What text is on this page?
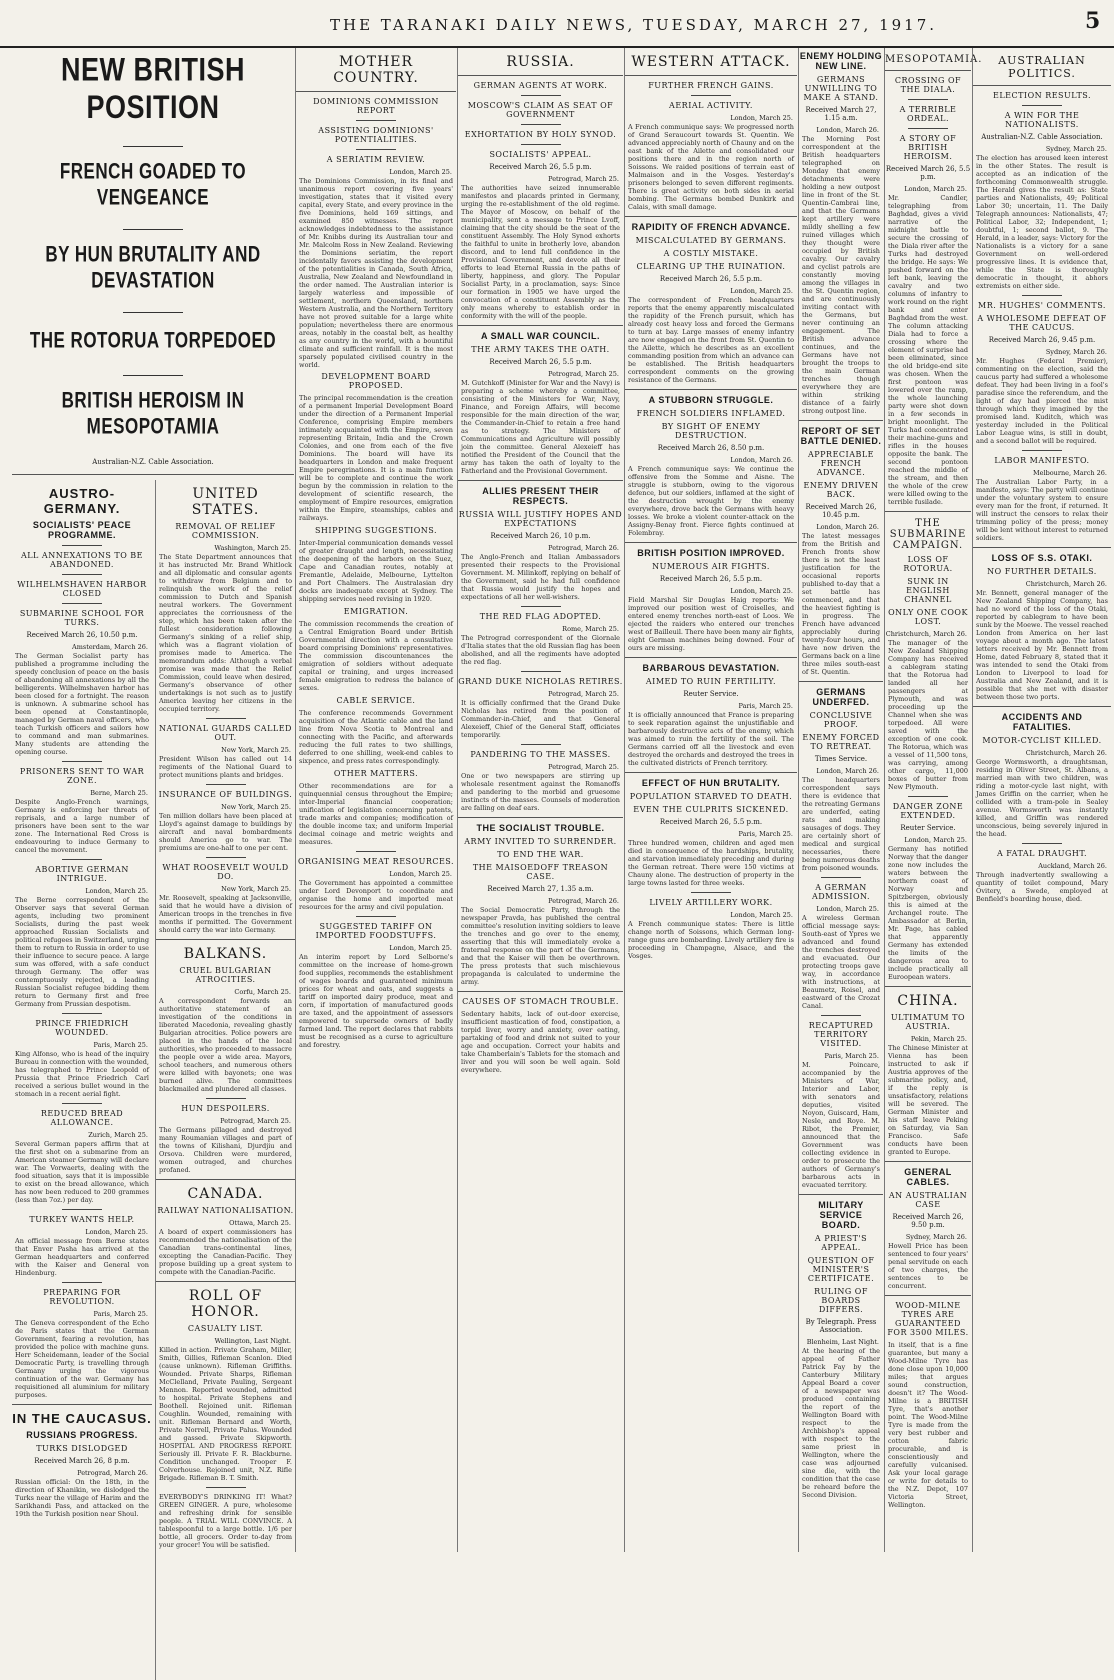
THE TARANAKI DAILY NEWS, TUESDAY, MARCH 27, 1917.	5
NEW BRITISH POSITION
FRENCH GOADED TO VENGEANCE
BY HUN BRUTALITY AND DEVASTATION
THE ROTORUA TORPEDOED
BRITISH HEROISM IN MESOPOTAMIA
Australian-N.Z. Cable Association.
AUSTRO-GERMANY.
SOCIALISTS' PEACE PROGRAMME.
ALL ANNEXATIONS TO BE ABANDONED.
WILHELMSHAVEN HARBOR CLOSED
SUBMARINE SCHOOL FOR TURKS.
Received March 26, 10.50 p.m.
Amsterdam, March 26.
The German Socialist party has published a programme including the speedy conclusion of peace on the basis of abandoning all annexations by all the belligerents. Wilhelmshaven harbor has been closed for a fortnight. The reason is unknown. A submarine school has been opened at Constantinople, managed by German naval officers, who teach Turkish officers and sailors how to command and man submarines. Many students are attending the opening course.
PRISONERS SENT TO WAR ZONE.
Berne, March 25.
Despite Anglo-French warnings, Germany is enforcing her threats of reprisals, and a large number of prisoners have been sent to the war zone. The International Red Cross is endeavouring to induce Germany to cancel the movement.
ABORTIVE GERMAN INTRIGUE.
London, March 25.
The Berne correspondent of the Observer says that several German agents, including two prominent Socialists, during the past week approached Russian Socialists and political refugees in Switzerland, urging them to return to Russia in order to use their influence to secure peace. A large sum was offered, with a safe conduct through Germany. The offer was contemptuously rejected, a leading Russian Socialist refugee bidding them return to Germany first and free Germany from Prussian despotism.
PRINCE FRIEDRICH WOUNDED.
Paris, March 25.
King Alfonso, who is head of the inquiry Bureau in connection with the wounded, has telegraphed to Prince Leopold of Prussia that Prince Friedrich Carl received a serious bullet wound in the stomach in a recent aerial fight.
REDUCED BREAD ALLOWANCE.
Zurich, March 25.
Several German papers affirm that at the first shot on a submarine from an American steamer Germany will declare war. The Vorwaerts, dealing with the food situation, says that it is impossible to exist on the bread allowance, which has now been reduced to 200 grammes (less than 7oz.) per day.
TURKEY WANTS HELP.
London, March 25.
An official message from Berne states that Enver Pasha has arrived at the German headquarters and conferred with the Kaiser and General von Hindenburg.
PREPARING FOR REVOLUTION.
Paris, March 25.
The Geneva correspondent of the Echo de Paris states that the German Government, fearing a revolution, has provided the police with machine guns. Herr Scheidemann, leader of the Social Democratic Party, is travelling through Germany urging the vigorous continuation of the war. Germany has requisitioned all aluminium for military purposes.
IN THE CAUCASUS.
RUSSIANS PROGRESS.
TURKS DISLODGED
Received March 26, 8 p.m.
Petrograd, March 26.
Russian official: On the 18th, in the direction of Khanikin, we dislodged the Turks near the village of Harim and the Sarikhandi Pass, and attacked on the 19th the Turkish position near Shoul.
UNITED STATES.
REMOVAL OF RELIEF COMMISSION.
Washington, March 25.
The State Department announces that it has instructed Mr. Brand Whitlock and all diplomatic and consular agents to withdraw from Belgium and to relinquish the work of the relief commission to Dutch and Spanish neutral workers. The Government appreciates the corriousness of the step, which has been taken after the fullest consideration following Germany's sinking of a relief ship, which was a flagrant violation of promises made to America. The memorandum adds: Although a verbal promise was made that the Relief Commission, could leave when desired, Germany's observance of other undertakings is not such as to justify America leaving her citizens in the occupied territory.
NATIONAL GUARDS CALLED OUT.
New York, March 25.
President Wilson has called out 14 regiments of the National Guard to protect munitions plants and bridges.
INSURANCE OF BUILDINGS.
New York, March 25.
Ten million dollars have been placed at Lloyd's against damage to buildings by aircraft and naval bombardments should America go to war. The premiums are one-half to one per cent.
WHAT ROOSEVELT WOULD DO.
New York, March 25.
Mr. Roosevelt, speaking at Jacksonville, said that he would have a division of American troops in the trenches in five months if permitted. The Government should carry the war into Germany.
BALKANS.
CRUEL BULGARIAN ATROCITIES.
Corfu, March 25.
A correspondent forwards an authoritative statement of an investigation of the conditions in liberated Macedonia, revealing ghastly Bulgarian atrocities. Police powers are placed in the hands of the local authorities, who proceeded to massacre the people over a wide area. Mayors, school teachers, and numerous others were killed with bayonets; one was burned alive. The committees blackmailed and plundered all classes.
HUN DESPOILERS.
Petrograd, March 25.
The Germans pillaged and destroyed many Roumanian villages and part of the towns of Kilishani, Djurdjiu and Orsova. Children were murdered, women outraged, and churches profaned.
CANADA.
RAILWAY NATIONALISATION.
Ottawa, March 25.
A board of expert commissioners has recommended the nationalisation of the Canadian trans-continental lines, excepting the Canadian-Pacific. They propose building up a great system to compete with the Canadian-Pacific.
ROLL OF HONOR.
CASUALTY LIST.
Wellington, Last Night.
Killed in action. Private Graham, Miller, Smith, Gillies, Rifleman Scanlon. Died (cause unknown). Rifleman Griffiths. Wounded. Private Sharps, Rifleman McClelland, Private Pauling, Sergeant Mennon. Reported wounded, admitted to hospital. Private Stephens and Boothell. Rejoined unit. Rifleman Coughlin. Wounded, remaining with unit. Rifleman Bernard and Worth, Private Norrell, Private Palus. Wounded and gassed. Private Skipworth. HOSPITAL AND PROGRESS REPORT. Seriously ill. Private F. R. Blackburne. Condition unchanged. Trooper F. Colverhouse. Rejoined unit, N.Z. Rifle Brigade. Rifleman B. T. Smith.
EVERYBODY'S DRINKING IT! What? GREEN GINGER. A pure, wholesome and refreshing drink for sensible people. A TRIAL WILL CONVINCE. A tablespoonful to a large bottle. 1/6 per bottle, all grocers. Order to-day from your grocer! You will be satisfied.
MOTHER COUNTRY.
DOMINIONS COMMISSION REPORT
ASSISTING DOMINIONS' POTENTIALITIES.
A SERIATIM REVIEW.
London, March 25.
The Dominions Commission, in its final and unanimous report covering five years' investigation, states that it visited every capital, every State, and every province in the five Dominions, held 169 sittings, and examined 850 witnesses. The report acknowledges indebtedness to the assistance of Mr. Knibbs during its Australian tour and Mr. Malcolm Ross in New Zealand. Reviewing the Dominions seriatim, the report incidentally favors assisting the development of the potentialities in Canada, South Africa, Australia, New Zealand and Newfoundland in the order named. The Australian interior is largely waterless and impossible of settlement, northern Queensland, northern Western Australia, and the Northern Territory have not proved suitable for a large white population; nevertheless there are enormous areas, notably in the coastal belt, as healthy as any country in the world, with a bountiful climate and sufficient rainfall. It is the most sparsely populated civilised country in the world.
DEVELOPMENT BOARD PROPOSED.
The principal recommendation is the creation of a permanent Imperial Development Board under the direction of a Permanent Imperial Conference, comprising Empire members intimately acquainted with the Empire, seven representing Britain, India and the Crown Colonies, and one from each of the five Dominions. The board will have its headquarters in London and make frequent Empire peregrinations. It is a main function will be to complete and continue the work begun by the commission in relation to the development of scientific research, the employment of Empire resources, emigration within the Empire, steamships, cables and railways.
SHIPPING SUGGESTIONS.
Inter-Imperial communication demands vessel of greater draught and length, necessitating the deepening of the harbors on the Suez, Cape and Canadian routes, notably at Fremantle, Adelaide, Melbourne, Lyttelton and Port Chalmers. The Australasian dry docks are inadequate except at Sydney. The shipping services need revising in 1920.
EMIGRATION.
The commission recommends the creation of a Central Emigration Board under British Governmental direction with a consultative board comprising Dominions' representatives. The commission discountenances the emigration of soldiers without adequate capital or training, and urges increased female emigration to redress the balance of sexes.
CABLE SERVICE.
The conference recommends Government acquisition of the Atlantic cable and the land line from Nova Scotia to Montreal and connecting with the Pacific, and afterwards reducing the full rates to two shillings, deferred to one shilling, week-end cables to sixpence, and press rates correspondingly.
OTHER MATTERS.
Other recommendations are for a quinquennial census throughout the Empire; inter-Imperial financial cooperation; unification of legislation concerning patents, trade marks and companies; modification of the double income tax; and uniform Imperial decimal coinage and metric weights and measures.
ORGANISING MEAT RESOURCES.
London, March 25.
The Government has appointed a committee under Lord Devonport to coordinate and organise the home and imported meat resources for the army and civil population.
SUGGESTED TARIFF ON IMPORTED FOODSTUFFS.
London, March 25.
An interim report by Lord Selborne's committee on the increase of home-grown food supplies, recommends the establishment of wages boards and guaranteed minimum prices for wheat and oats, and suggests a tariff on imported dairy produce, meat and corn, if importation of manufactured goods are taxed, and the appointment of assessors empowered to supersede owners of badly farmed land. The report declares that rabbits must be recognised as a curse to agriculture and forestry.
RUSSIA.
GERMAN AGENTS AT WORK.
MOSCOW'S CLAIM AS SEAT OF GOVERNMENT
EXHORTATION BY HOLY SYNOD.
SOCIALISTS' APPEAL.
Received March 26, 5.5 p.m.
Petrograd, March 25.
The authorities have seized innumerable manifestos and placards printed in Germany, urging the re-establishment of the old regime. The Mayor of Moscow, on behalf of the municipality, sent a message to Prince Lvoff, claiming that the city should be the seat of the constituent Assembly. The Holy Synod exhorts the faithful to unite in brotherly love, abandon discord, and to lend full confidence in the Provisional Government, and devote all their efforts to lead Eternal Russia in the paths of liberty, happiness, and glory. The Popular Socialist Party, in a proclamation, says: Since our formation in 1905 we have urged the convocation of a constituent Assembly as the only means whereby to establish order in conformity with the will of the people.
A SMALL WAR COUNCIL.
THE ARMY TAKES THE OATH.
Received March 26, 5.5 p.m.
Petrograd, March 25.
M. Gutchkoff (Minister for War and the Navy) is preparing a scheme whereby a committee, consisting of the Ministers for War, Navy, Finance, and Foreign Affairs, will become responsible for the main direction of the war, the Commander-in-Chief to retain a free hand as to strategy. The Ministers of Communications and Agriculture will possibly join the committee. General Alexeieff has notified the President of the Council that the army has taken the oath of loyalty to the Fatherland and the Provisional Government.
ALLIES PRESENT THEIR RESPECTS.
RUSSIA WILL JUSTIFY HOPES AND EXPECTATIONS
Received March 26, 10 p.m.
Petrograd, March 26.
The Anglo-French and Italian Ambassadors presented their respects to the Provisional Government. M. Milinkoff, replying on behalf of the Government, said he had full confidence that Russia would justify the hopes and expectations of all her well-wishers.
THE RED FLAG ADOPTED.
Rome, March 25.
The Petrograd correspondent of the Giornale d'Italia states that the old Russian flag has been abolished, and all the regiments have adopted the red flag.
GRAND DUKE NICHOLAS RETIRES.
Petrograd, March 25.
It is officially confirmed that the Grand Duke Nicholas has retired from the position of Commander-in-Chief, and that General Alexeieff, Chief of the General Staff, officiates temporarily.
PANDERING TO THE MASSES.
Petrograd, March 25.
One or two newspapers are stirring up wholesale resentment against the Romanoffs and pandering to the morbid and gruesome instincts of the masses. Counsels of moderation are falling on deaf ears.
THE SOCIALIST TROUBLE.
ARMY INVITED TO SURRENDER.
TO END THE WAR.
THE MAISOEDOFF TREASON CASE.
Received March 27, 1.35 a.m.
Petrograd, March 26.
The Social Democratic Party, through the newspaper Pravda, has published the central committee's resolution inviting soldiers to leave the trenches and go over to the enemy, asserting that this will immediately evoke a fraternal response on the part of the Germans, and that the Kaiser will then be overthrown. The press protests that such mischievous propaganda is calculated to undermine the army.
CAUSES OF STOMACH TROUBLE.
Sedentary habits, lack of out-door exercise, insufficient mastication of food, constipation, a torpid liver, worry and anxiety, over eating, partaking of food and drink not suited to your age and occupation. Correct your habits and take Chamberlain's Tablets for the stomach and liver and you will soon be well again. Sold everywhere.
WESTERN ATTACK.
FURTHER FRENCH GAINS.
AERIAL ACTIVITY.
London, March 25.
A French communique says: We progressed north of Grand Seraucourt towards St. Quentin. We advanced appreciably north of Chauny and on the east bank of the Ailette and consolidated our positions there and in the region north of Soissons. We raided positions of terrain east of Malmaison and in the Vosges. Yesterday's prisoners belonged to seven different regiments. There is great activity on both sides in aerial bombing. The Germans bombed Dunkirk and Calais, with small damage.
RAPIDITY OF FRENCH ADVANCE.
MISCALCULATED BY GERMANS.
A COSTLY MISTAKE.
CLEARING UP THE RUINATION.
Received March 26, 5.5 p.m.
London, March 25.
The correspondent of French headquarters reports that the enemy apparently miscalculated the rapidity of the French pursuit, which has already cost heavy loss and forced the Germans to turn at bay. Large masses of enemy infantry are now engaged on the front from St. Quentin to the Ailette, which he describes as an excellent commanding position from which an advance can be established. The British headquarters correspondent comments on the growing resistance of the Germans.
A STUBBORN STRUGGLE.
FRENCH SOLDIERS INFLAMED.
BY SIGHT OF ENEMY DESTRUCTION.
Received March 26, 8.50 p.m.
London, March 26.
A French communique says: We continue the offensive from the Somme and Aisne. The struggle is stubborn, owing to the vigorous defence, but our soldiers, inflamed at the sight of the destruction wrought by the enemy everywhere, drove back the Germans with heavy losses. We broke a violent counter-attack on the Assigny-Benay front. Fierce fights continued at Folembray.
BRITISH POSITION IMPROVED.
NUMEROUS AIR FIGHTS.
Received March 26, 5.5 p.m.
London, March 25.
Field Marshal Sir Douglas Haig reports: We improved our position west of Croiselles, and entered enemy trenches north-east of Loos. We ejected the raiders who entered our trenches west of Bailleuil. There have been many air fights, eight German machines being downed. Four of ours are missing.
BARBAROUS DEVASTATION.
AIMED TO RUIN FERTILITY.
Reuter Service.
Paris, March 25.
It is officially announced that France is preparing to seek reparation against the unjustifiable and barbarously destructive acts of the enemy, which was aimed to ruin the fertility of the soil. The Germans carried off all the livestock and even destroyed the orchards and destroyed the trees in the cultivated districts of French territory.
EFFECT OF HUN BRUTALITY.
POPULATION STARVED TO DEATH.
EVEN THE CULPRITS SICKENED.
Received March 26, 5.5 p.m.
Paris, March 25.
Three hundred women, children and aged men died in consequence of the hardships, brutality, and starvation immediately preceding and during the German retreat. There were 150 victims at Chauny alone. The destruction of property in the large towns lasted for three weeks.
LIVELY ARTILLERY WORK.
London, March 25.
A French communique states: There is little change north of Soissons, which German long-range guns are bombarding. Lively artillery fire is proceeding in Champagne, Alsace, and the Vosges.
ENEMY HOLDING NEW LINE.
GERMANS UNWILLING TO MAKE A STAND.
Received March 27, 1.15 a.m.
London, March 26.
The Morning Post correspondent at the British headquarters telegraphed on Monday that enemy detachments were holding a new outpost line in front of the St. Quentin-Cambrai line, and that the Germans kept artillery were mildly shelling a few ruined villages which they thought were occupied by British cavalry. Our cavalry and cyclist patrols are constantly moving among the villages in the St. Quentin region, and are continuously inviting contact with the Germans, but never continuing an engagement. The British advance continues, and the Germans have not brought the troops to the main German trenches though everywhere they are within striking distance of a fairly strong outpost line.
REPORT OF SET BATTLE DENIED.
APPRECIABLE FRENCH ADVANCE.
ENEMY DRIVEN BACK.
Received March 26, 10.45 p.m.
London, March 26.
The latest messages from the British and French fronts show there is not the least justification for the occasional reports published to-day that a set battle has commenced, and that the heaviest fighting is in progress. The French have advanced appreciably during twenty-four hours, and have now driven the Germans back on a line three miles south-east of St. Quentin.
GERMANS UNDERFED.
CONCLUSIVE PROOF.
ENEMY FORCED TO RETREAT.
Times Service.
London, March 26.
The headquarters correspondent says there is evidence that the retreating Germans are underfed, eating rats and making sausages of dogs. They are certainly short of medical and surgical necessaries, there being numerous deaths from poisoned wounds.
A GERMAN ADMISSION.
London, March 25.
A wireless German official message says: South-east of Ypres we advanced and found the trenches destroyed and evacuated. Our protecting troops gave way, in accordance with instructions, at Beaumetz, Roisel, and eastward of the Crozat Canal.
RECAPTURED TERRITORY VISITED.
Paris, March 25.
M. Poincare, accompanied by the Ministers of War, Interior and Labor, with senators and deputies, visited Noyon, Guiscard, Ham, Nesle, and Roye. M. Ribot, the Premier, announced that the Government was collecting evidence in order to prosecute the authors of Germany's barbarous acts in evacuated territory.
MILITARY SERVICE BOARD.
A PRIEST'S APPEAL.
QUESTION OF MINISTER'S CERTIFICATE.
RULING OF BOARDS DIFFERS.
By Telegraph. Press Association.
Blenheim, Last Night.
At the hearing of the appeal of Father Patrick Fay by the Canterbury Military Appeal Board a cover of a newspaper was produced containing the report of the Wellington Board with respect to the Archbishop's appeal with respect to the same priest in Wellington, where the case was adjourned sine die, with the condition that the case be reheard before the Second Division.
MESOPOTAMIA.
CROSSING OF THE DIALA.
A TERRIBLE ORDEAL.
A STORY OF BRITISH HEROISM.
Received March 26, 5.5 p.m.
London, March 25.
Mr. Candler, telegraphing from Baghdad, gives a vivid narrative of the midnight battle to secure the crossing of the Diala river after the Turks had destroyed the bridge. He says: We pushed forward on the left bank, leaving the cavalry and two columns of infantry to work round on the right bank and enter Baghdad from the west. The column attacking Diala had to force a crossing where the element of surprise had been eliminated, since the old bridge-end site was chosen. When the first pontoon was lowered over the ramp, the whole launching party were shot down in a few seconds in bright moonlight. The Turks had concentrated their machine-guns and rifles in the houses opposite the bank. The second pontoon reached the middle of the stream, and then the whole of the crew were killed owing to the terrible fusilade.
THE SUBMARINE CAMPAIGN.
LOSS OF ROTORUA.
SUNK IN ENGLISH CHANNEL
ONLY ONE COOK LOST.
Christchurch, March 26.
The manager of the New Zealand Shipping Company has received a cablegram stating that the Rotorua had landed all her passengers at Plymouth, and was proceeding up the Channel when she was torpedoed. All were saved with the exception of one cook. The Rotorua, which was a vessel of 11,500 tons, was carrying, among other cargo, 11,000 boxes of butter from New Plymouth.
DANGER ZONE EXTENDED.
Reuter Service.
London, March 25.
Germany has notified Norway that the danger zone now includes the waters between the northern coast of Norway and Spitzbergen, obviously this is aimed at the Archangel route. The Ambassador at Berlin, Mr. Page, has cabled that apparently Germany has extended the limits of the dangerous area to include practically all Euroopean waters.
CHINA.
ULTIMATUM TO AUSTRIA.
Pekin, March 25.
The Chinese Minister at Vienna has been instructed to ask if Austria approves of the submarine policy, and, if the reply is unsatisfactory, relations will be severed. The German Minister and his staff leave Peking on Saturday, via San Francisco. Safe conducts have been granted to Europe.
GENERAL CABLES.
AN AUSTRALIAN CASE
Received March 26, 9.50 p.m.
Sydney, March 26.
Howell Price has been sentenced to four years' penal servitude on each of two charges, the sentences to be concurrent.
WOOD-MILNE TYRES ARE GUARANTEED FOR 3500 MILES.
In itself, that is a fine guarantee, but many a Wood-Milne Tyre has done close upon 10,000 miles; that argues sound construction, doesn't it? The Wood-Milne is a BRITISH Tyre, that's another point. The Wood-Milne Tyre is made from the very best rubber and cotton fabric procurable, and is conscientiously and carefully vulcanised. Ask your local garage or write for details to the N.Z. Depot, 107 Victoria Street, Wellington.
AUSTRALIAN POLITICS.
ELECTION RESULTS.
A WIN FOR THE NATIONALISTS.
Australian-N.Z. Cable Association.
Sydney, March 25.
The election has aroused keen interest in the other States. The result is accepted as an indication of the forthcoming Commonwealth struggle. The Herald gives the result as: State parties and Nationalists, 49; Political Labor 30; uncertain, 11. The Daily Telegraph announces: Nationalists, 47; Political Labor, 32; Independent, 1; doubtful, 1; second ballot, 9. The Herald, in a leader, says: Victory for the Nationalists is a victory for a sane Government on well-ordered progressive lines. It is evidence that, while the State is thoroughly democratic in thought, it abhors extremists on either side.
MR. HUGHES' COMMENTS.
A WHOLESOME DEFEAT OF THE CAUCUS.
Received March 26, 9.45 p.m.
Sydney, March 26.
Mr. Hughes (Federal Premier), commenting on the election, said the caucus party had suffered a wholesome defeat. They had been living in a fool's paradise since the referendum, and the light of day had pierced the mist through which they imagined by the promised land. Kuditch, which was yesterday included in the Political Labor League wins, is still in doubt, and a second ballot will be required.
LABOR MANIFESTO.
Melbourne, March 26.
The Australian Labor Party, in a manifesto, says: The party will continue under the voluntary system to ensure every man for the front, if returned. It will instruct the censors to relax their trimming policy of the press; money will be lent without interest to returned soldiers.
LOSS OF S.S. OTAKI.
NO FURTHER DETAILS.
Christchurch, March 26.
Mr. Bennett, general manager of the New Zealand Shipping Company, has had no word of the loss of the Otaki, reported by cablegram to have been sunk by the Moewe. The vessel reached London from America on her last voyage about a month ago. The latest letters received by Mr. Bennett from Home, dated February 8, stated that it was intended to send the Otaki from London to Liverpool to load for Australia and New Zealand, and it is possible that she met with disaster between those two ports.
ACCIDENTS AND FATALITIES.
MOTOR-CYCLIST KILLED.
Christchurch, March 26.
George Wormsworth, a draughtsman, residing in Oliver Street, St. Albans, a married man with two children, was riding a motor-cycle last night, with James Griffin on the carrier, when he collided with a tram-pole in Sealey avenue. Wormsworth was instantly killed, and Griffin was rendered unconscious, being severely injured in the head.
A FATAL DRAUGHT.
Auckland, March 26.
Through inadvertently swallowing a quantity of toilet compound, Mary Ovitery, a Swede, employed at Benfield's boarding house, died.
